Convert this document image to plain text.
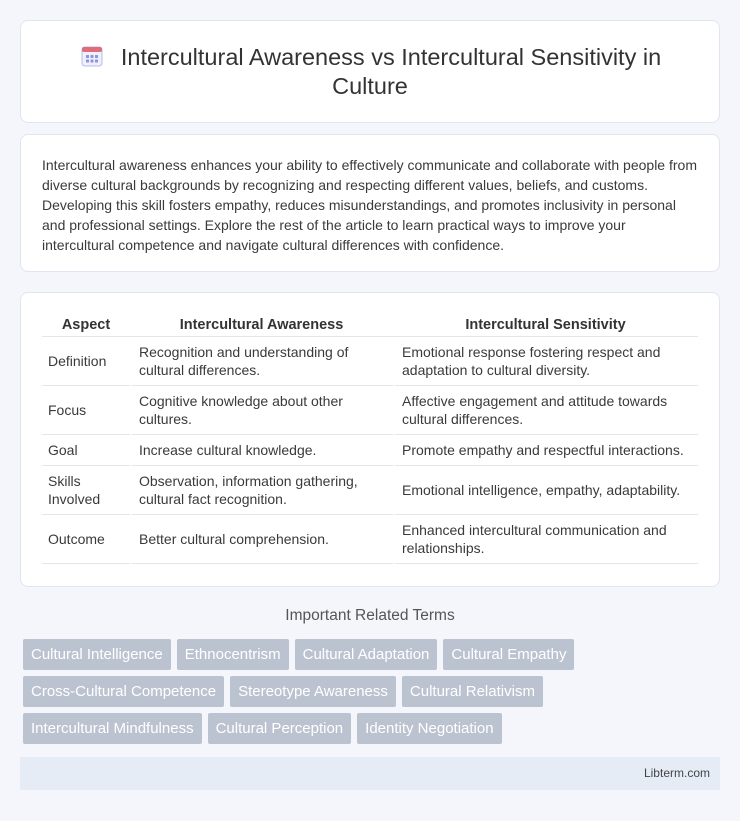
Intercultural Awareness vs Intercultural Sensitivity in Culture

Intercultural awareness enhances your ability to effectively communicate and collaborate with people from diverse cultural backgrounds by recognizing and respecting different values, beliefs, and customs. Developing this skill fosters empathy, reduces misunderstandings, and promotes inclusivity in personal and professional settings. Explore the rest of the article to learn practical ways to improve your intercultural competence and navigate cultural differences with confidence.

Aspect	Intercultural Awareness	Intercultural Sensitivity
Definition	Recognition and understanding of cultural differences.	Emotional response fostering respect and adaptation to cultural diversity.
Focus	Cognitive knowledge about other cultures.	Affective engagement and attitude towards cultural differences.
Goal	Increase cultural knowledge.	Promote empathy and respectful interactions.
Skills Involved	Observation, information gathering, cultural fact recognition.	Emotional intelligence, empathy, adaptability.
Outcome	Better cultural comprehension.	Enhanced intercultural communication and relationships.
Important Related Terms
Cultural Intelligence	Ethnocentrism	Cultural Adaptation	Cultural Empathy
Cross-Cultural Competence	Stereotype Awareness	Cultural Relativism
Intercultural Mindfulness	Cultural Perception	Identity Negotiation
Libterm.com
